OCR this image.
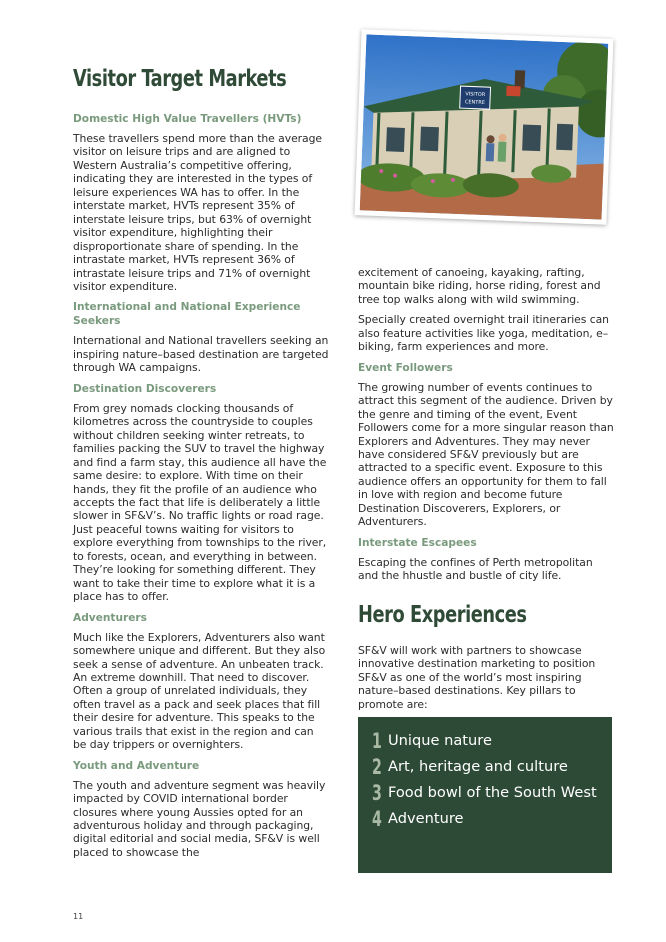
Visitor Target Markets
Domestic High Value Travellers (HVTs)

These travellers spend more than the average visitor on leisure trips and are aligned to Western Australia’s competitive offering, indicating they are interested in the types of leisure experiences WA has to offer. In the interstate market, HVTs represent 35% of interstate leisure trips, but 63% of overnight visitor expenditure, highlighting their disproportionate share of spending. In the intrastate market, HVTs represent 36% of intrastate leisure trips and 71% of overnight visitor expenditure.

International and National Experience Seekers

International and National travellers seeking an inspiring nature–based destination are targeted through WA campaigns.

Destination Discoverers

From grey nomads clocking thousands of kilometres across the countryside to couples without children seeking winter retreats, to families packing the SUV to travel the highway and find a farm stay, this audience all have the same desire: to explore. With time on their hands, they fit the profile of an audience who accepts the fact that life is deliberately a little slower in SF&V’s. No traffic lights or road rage. Just peaceful towns waiting for visitors to explore everything from townships to the river, to forests, ocean, and everything in between. They’re looking for something different. They want to take their time to explore what it is a place has to offer.

Adventurers

Much like the Explorers, Adventurers also want somewhere unique and different. But they also seek a sense of adventure. An unbeaten track. An extreme downhill. That need to discover. Often a group of unrelated individuals, they often travel as a pack and seek places that fill their desire for adventure. This speaks to the various trails that exist in the region and can be day trippers or overnighters.

Youth and Adventure

The youth and adventure segment was heavily impacted by COVID international border closures where young Aussies opted for an adventurous holiday and through packaging, digital editorial and social media, SF&V is well placed to showcase the

VISITOR
CENTRE

excitement of canoeing, kayaking, rafting, mountain bike riding, horse riding, forest and tree top walks along with wild swimming.

Specially created overnight trail itineraries can also feature activities like yoga, meditation, e–biking, farm experiences and more.

Event Followers

The growing number of events continues to attract this segment of the audience. Driven by the genre and timing of the event, Event Followers come for a more singular reason than Explorers and Adventures. They may never have considered SF&V previously but are attracted to a specific event. Exposure to this audience offers an opportunity for them to fall in love with region and become future Destination Discoverers, Explorers, or Adventurers.

Interstate Escapees

Escaping the confines of Perth metropolitan and the hhustle and bustle of city life.

Hero Experiences

SF&V will work with partners to showcase innovative destination marketing to position SF&V as one of the world’s most inspiring nature–based destinations. Key pillars to promote are:

1 Unique nature
2 Art, heritage and culture
3 Food bowl of the South West
4 Adventure
11
